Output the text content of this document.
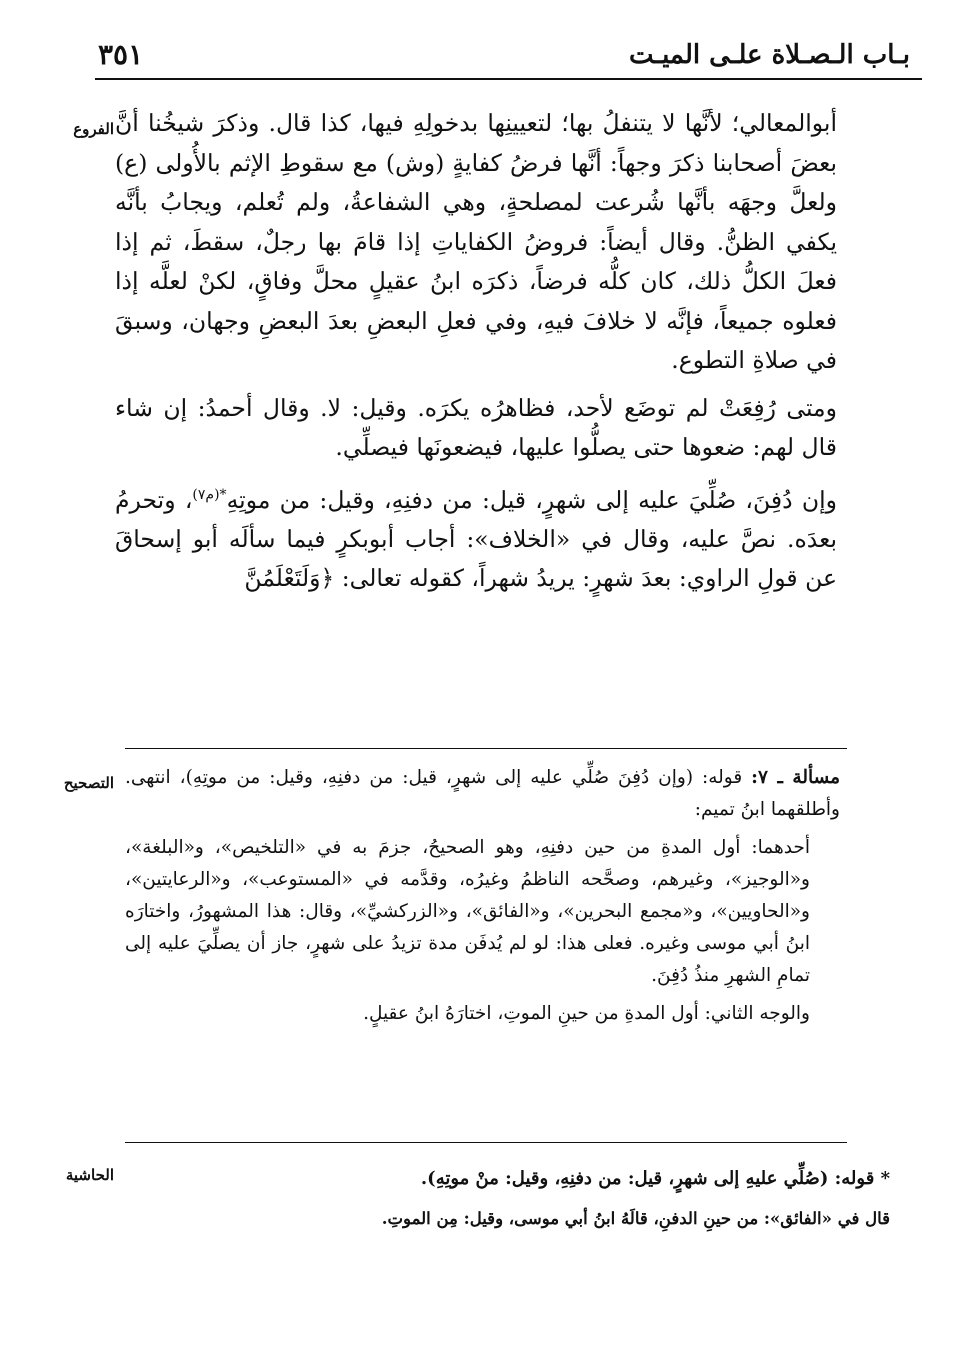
بـاب الـصـلاة علـى الميـت
٣٥١
الفروع
التصحيح
الحاشية

أبوالمعالي؛ لأنَّها لا يتنفلُ بها؛ لتعيينِها بدخولِهِ فيها، كذا قال. وذكرَ شيخُنا أنَّ بعضَ أصحابنا ذكرَ وجهاً: أنَّها فرضُ كفايةٍ (وش) مع سقوطِ الإثم بالأُولى (ع) ولعلَّ وجهَه بأنَّها شُرعت لمصلحةٍ، وهي الشفاعةُ، ولم تُعلم، ويجابُ بأنَّه يكفي الظنُّ. وقال أيضاً: فروضُ الكفاياتِ إذا قامَ بها رجلٌ، سقطَ، ثم إذا فعلَ الكلُّ ذلك، كان كلُّه فرضاً، ذكرَه ابنُ عقيلٍ محلَّ وفاقٍ، لكنْ لعلَّه إذا فعلوه جميعاً، فإنَّه لا خلافَ فيهِ، وفي فعلِ البعضِ بعدَ البعضِ وجهان، وسبقَ في صلاةِ التطوع.

ومتى رُفِعَتْ لم توضَع لأحد، فظاهرُه يكرَه. وقيل: لا. وقال أحمدُ: إن شاء قال لهم: ضعوها حتى يصلُّوا عليها، فيضعونَها فيصلِّي.

وإن دُفِنَ، صُلِّيَ عليه إلى شهرٍ، قيل: من دفنِهِ، وقيل: من موتِهِ$^{*(م٧)}$، وتحرمُ بعدَه. نصَّ عليه، وقال في «الخلاف»: أجاب أبوبكرٍ فيما سألَه أبو إسحاقَ عن قولِ الراوي: بعدَ شهرٍ: يريدُ شهراً، كقوله تعالى: ﴿وَلَتَعْلَمُنَّ

مسألة ـ ٧: قوله: (وإن دُفِنَ صُلِّي عليه إلى شهرٍ، قيل: من دفنِهِ، وقيل: من موتِهِ)، انتهى. وأطلقهما ابنُ تميم:

أحدهما: أول المدةِ من حين دفنِهِ، وهو الصحيحُ، جزمَ به في «التلخيص»، و«البلغة»، و«الوجيز»، وغيرهم، وصحَّحه الناظمُ وغيرُه، وقدَّمه في «المستوعب»، و«الرعايتين»، و«الحاويين»، و«مجمع البحرين»، و«الفائق»، و«الزركشيِّ»، وقال: هذا المشهورُ، واختارَه ابنُ أبي موسى وغيره. فعلى هذا: لو لم يُدفَن مدة تزيدُ على شهرٍ، جاز أن يصلِّيَ عليه إلى تمامِ الشهرِ منذُ دُفِنَ.

والوجه الثاني: أول المدةِ من حينِ الموتِ، اختارَهُ ابنُ عقيلٍ.

* قوله: (صُلِّي عليهِ إلى شهرٍ، قيل: من دفنِهِ، وقيل: منْ موتِهِ).

قال في «الفائق»: من حينِ الدفنِ، قالَهُ ابنُ أبي موسى، وقيل: مِن الموتِ.
